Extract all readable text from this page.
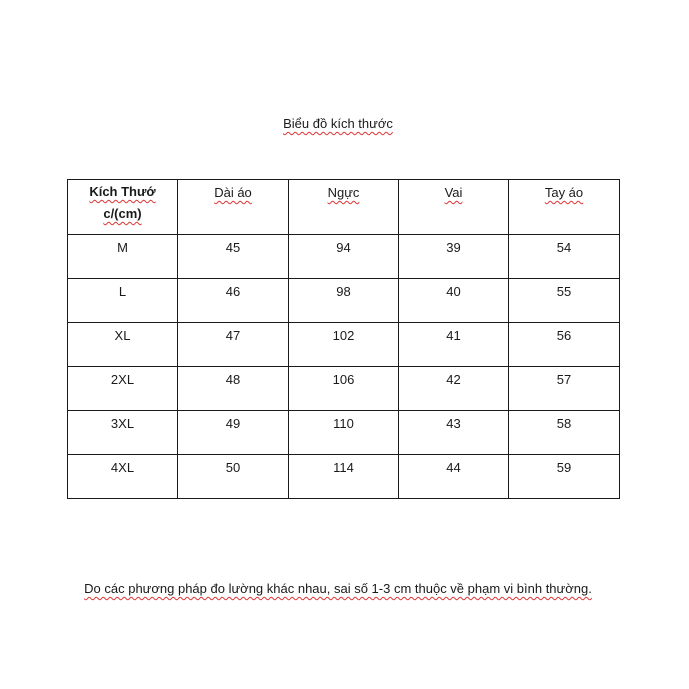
Biểu đồ kích thước
Kích Thướ
c/(cm)	Dài áo	Ngực	Vai	Tay áo
M	45	94	39	54
L	46	98	40	55
XL	47	102	41	56
2XL	48	106	42	57
3XL	49	110	43	58
4XL	50	114	44	59
Do các phương pháp đo lường khác nhau, sai số 1-3 cm thuộc về phạm vi bình thường.
